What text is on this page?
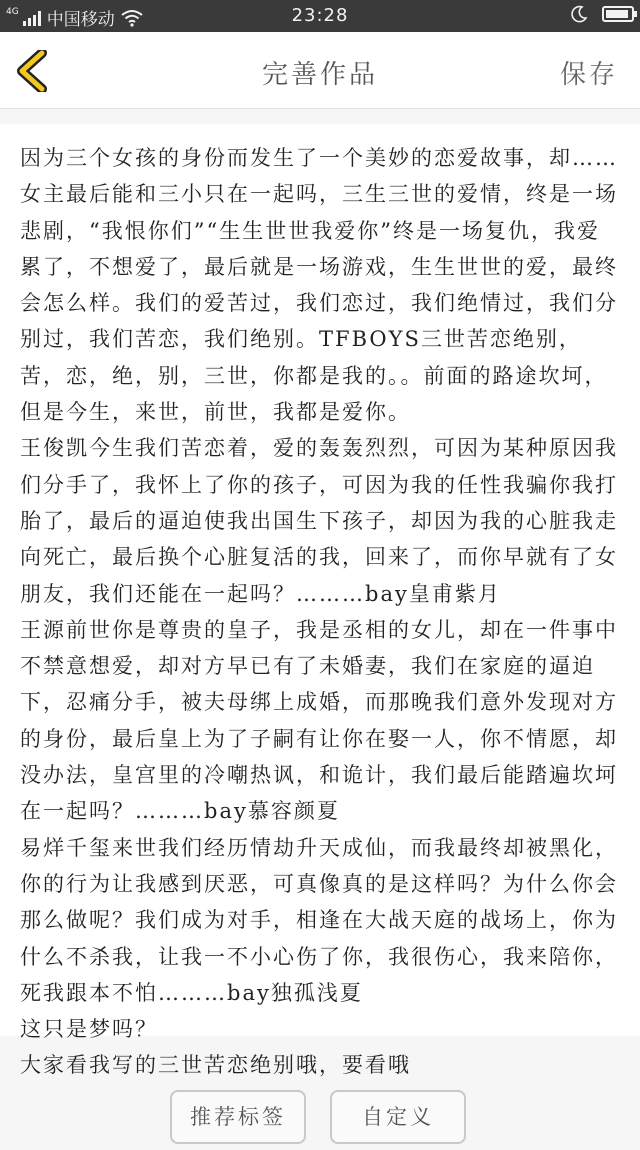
4G 中国移动	23:28
完善作品	保存

因为三个女孩的身份而发生了一个美妙的恋爱故事，却……女主最后能和三小只在一起吗，三生三世的爱情，终是一场悲剧，“我恨你们”“生生世世我爱你”终是一场复仇，我爱累了，不想爱了，最后就是一场游戏，生生世世的爱，最终会怎么样。我们的爱苦过，我们恋过，我们绝情过，我们分别过，我们苦恋，我们绝别。TFBOYS三世苦恋绝别，苦，恋，绝，别，三世，你都是我的。。前面的路途坎坷，但是今生，来世，前世，我都是爱你。
王俊凯今生我们苦恋着，爱的轰轰烈烈，可因为某种原因我们分手了，我怀上了你的孩子，可因为我的任性我骗你我打胎了，最后的逼迫使我出国生下孩子，却因为我的心脏我走向死亡，最后换个心脏复活的我，回来了，而你早就有了女朋友，我们还能在一起吗？………bay皇甫紫月
王源前世你是尊贵的皇子，我是丞相的女儿，却在一件事中不禁意想爱，却对方早已有了未婚妻，我们在家庭的逼迫下，忍痛分手，被夫母绑上成婚，而那晚我们意外发现对方的身份，最后皇上为了子嗣有让你在娶一人，你不情愿，却没办法，皇宫里的冷嘲热讽，和诡计，我们最后能踏遍坎坷在一起吗？………bay慕容颜夏
易烊千玺来世我们经历情劫升天成仙，而我最终却被黑化，你的行为让我感到厌恶，可真像真的是这样吗？为什么你会那么做呢？我们成为对手，相逢在大战天庭的战场上，你为什么不杀我，让我一不小心伤了你，我很伤心，我来陪你，死我跟本不怕………bay独孤浅夏
这只是梦吗？
大家看我写的三世苦恋绝别哦，要看哦

推荐标签	自定义
